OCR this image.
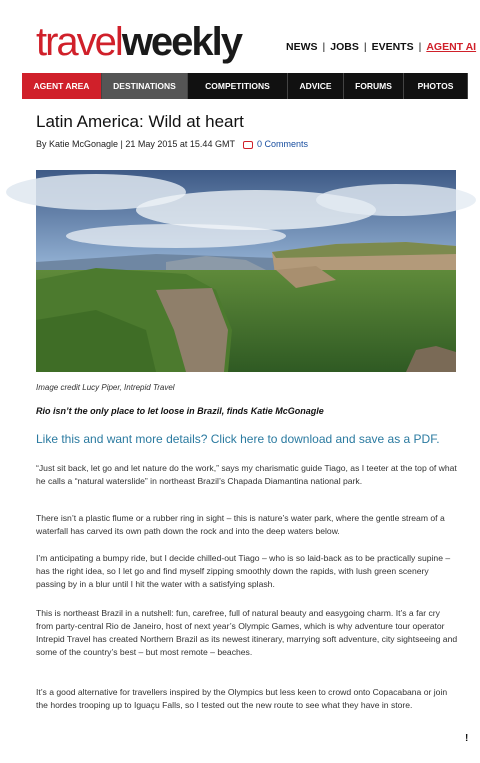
travelweekly	NEWS | JOBS | EVENTS | AGENT AI
AGENT AREA	DESTINATIONS	COMPETITIONS	ADVICE	FORUMS	PHOTOS
Latin America: Wild at heart
By Katie McGonagle | 21 May 2015 at 15.44 GMT 0 Comments
Image credit Lucy Piper, Intrepid Travel
Rio isn’t the only place to let loose in Brazil, finds Katie McGonagle
Like this and want more details? Click here to download and save as a PDF.
“Just sit back, let go and let nature do the work,” says my charismatic guide Tiago, as I teeter at the top of what he calls a “natural waterslide” in northeast Brazil’s Chapada Diamantina national park.
There isn’t a plastic flume or a rubber ring in sight – this is nature’s water park, where the gentle stream of a waterfall has carved its own path down the rock and into the deep waters below.
I’m anticipating a bumpy ride, but I decide chilled-out Tiago – who is so laid-back as to be practically supine – has the right idea, so I let go and find myself zipping smoothly down the rapids, with lush green scenery passing by in a blur until I hit the water with a satisfying splash.
This is northeast Brazil in a nutshell: fun, carefree, full of natural beauty and easygoing charm. It’s a far cry from party-central Rio de Janeiro, host of next year’s Olympic Games, which is why adventure tour operator Intrepid Travel has created Northern Brazil as its newest itinerary, marrying soft adventure, city sightseeing and some of the country’s best – but most remote – beaches.
It’s a good alternative for travellers inspired by the Olympics but less keen to crowd onto Copacabana or join the hordes trooping up to Iguaçu Falls, so I tested out the new route to see what they have in store.
!
